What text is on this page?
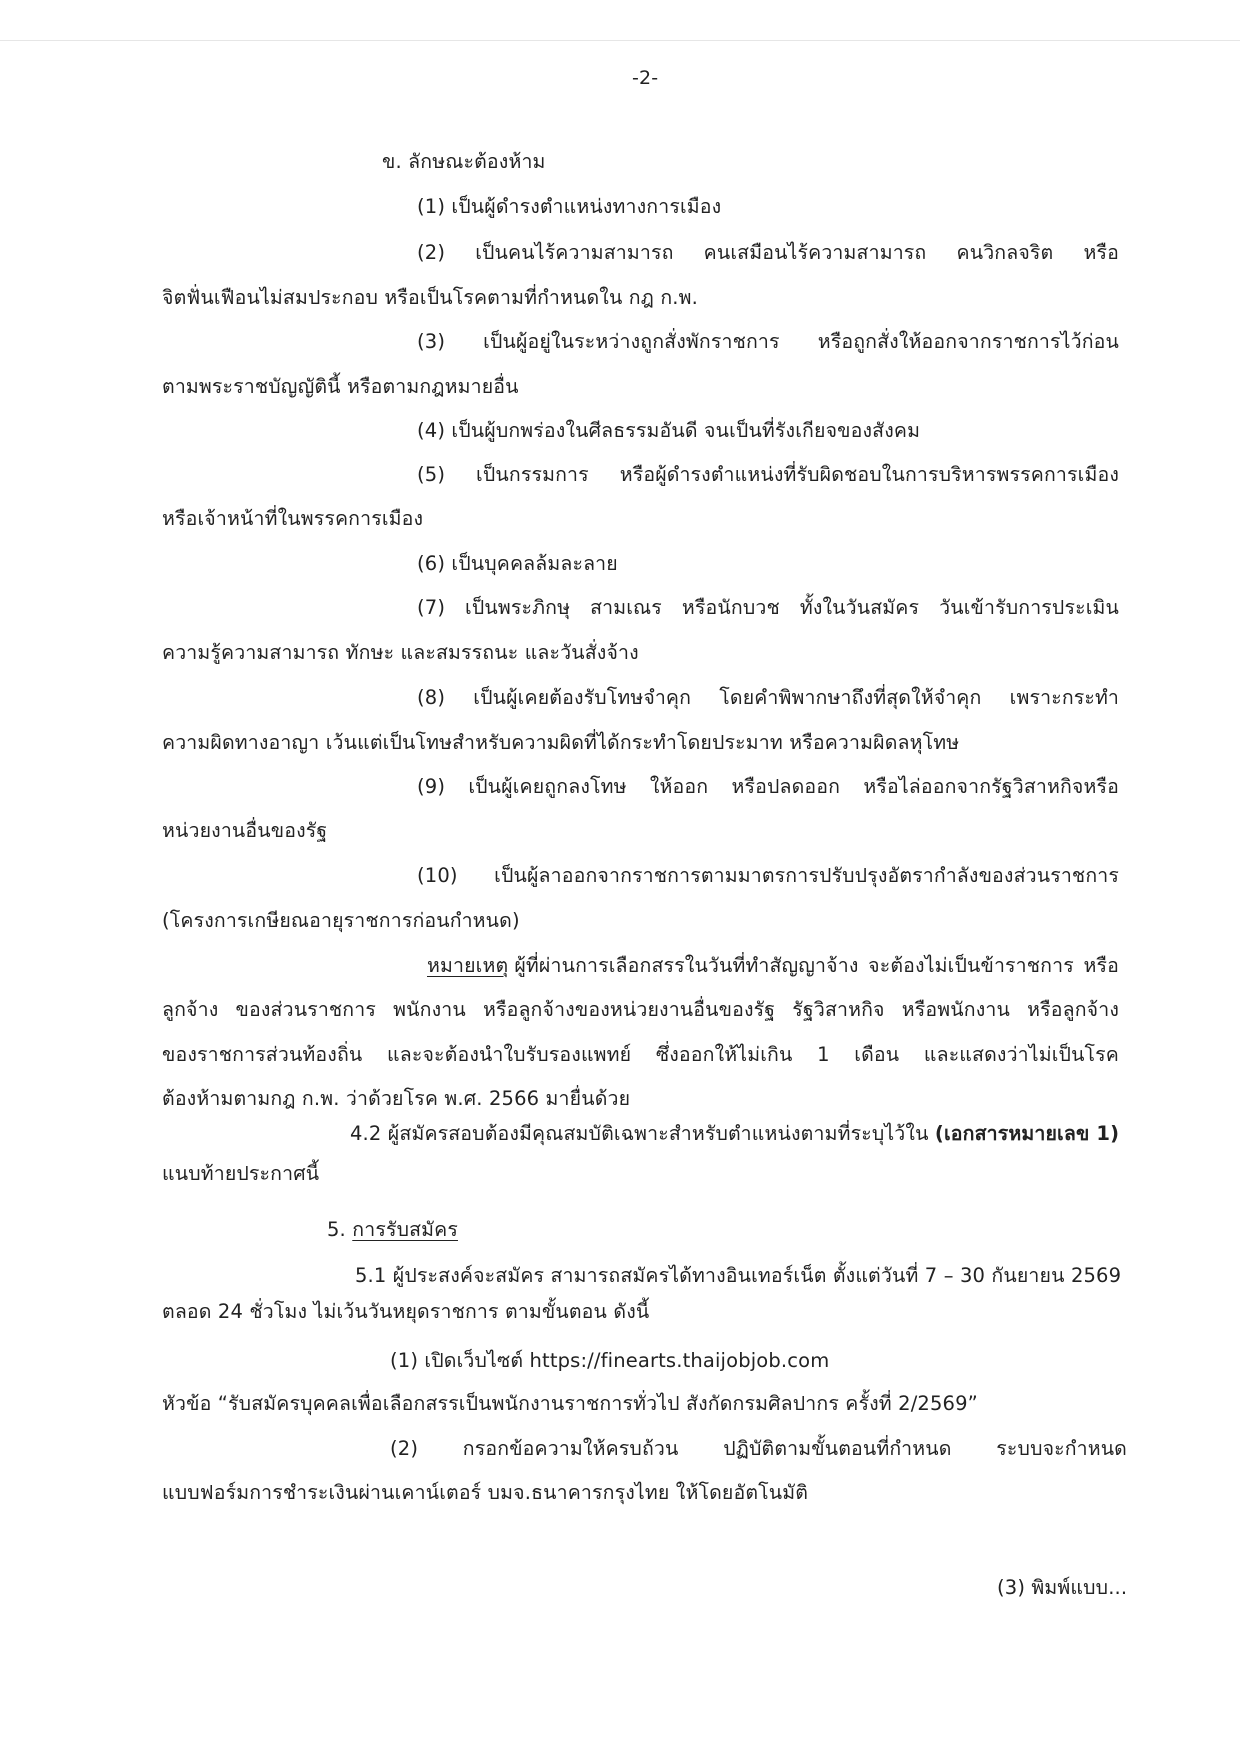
-2-
ข. ลักษณะต้องห้าม
(1) เป็นผู้ดำรงตำแหน่งทางการเมือง
(2) เป็นคนไร้ความสามารถ คนเสมือนไร้ความสามารถ คนวิกลจริต หรือ
จิตฟั่นเฟือนไม่สมประกอบ หรือเป็นโรคตามที่กำหนดใน กฎ ก.พ.
(3) เป็นผู้อยู่ในระหว่างถูกสั่งพักราชการ หรือถูกสั่งให้ออกจากราชการไว้ก่อน
ตามพระราชบัญญัตินี้ หรือตามกฎหมายอื่น
(4) เป็นผู้บกพร่องในศีลธรรมอันดี จนเป็นที่รังเกียจของสังคม
(5) เป็นกรรมการ หรือผู้ดำรงตำแหน่งที่รับผิดชอบในการบริหารพรรคการเมือง
หรือเจ้าหน้าที่ในพรรคการเมือง
(6) เป็นบุคคลล้มละลาย
(7) เป็นพระภิกษุ สามเณร หรือนักบวช ทั้งในวันสมัคร วันเข้ารับการประเมิน
ความรู้ความสามารถ ทักษะ และสมรรถนะ และวันสั่งจ้าง
(8) เป็นผู้เคยต้องรับโทษจำคุก โดยคำพิพากษาถึงที่สุดให้จำคุก เพราะกระทำ
ความผิดทางอาญา เว้นแต่เป็นโทษสำหรับความผิดที่ได้กระทำโดยประมาท หรือความผิดลหุโทษ
(9) เป็นผู้เคยถูกลงโทษ ให้ออก หรือปลดออก หรือไล่ออกจากรัฐวิสาหกิจหรือ
หน่วยงานอื่นของรัฐ
(10) เป็นผู้ลาออกจากราชการตามมาตรการปรับปรุงอัตรากำลังของส่วนราชการ
(โครงการเกษียณอายุราชการก่อนกำหนด)
หมายเหตุ ผู้ที่ผ่านการเลือกสรรในวันที่ทำสัญญาจ้าง จะต้องไม่เป็นข้าราชการ หรือ
ลูกจ้าง ของส่วนราชการ พนักงาน หรือลูกจ้างของหน่วยงานอื่นของรัฐ รัฐวิสาหกิจ หรือพนักงาน หรือลูกจ้าง
ของราชการส่วนท้องถิ่น และจะต้องนำใบรับรองแพทย์ ซึ่งออกให้ไม่เกิน 1 เดือน และแสดงว่าไม่เป็นโรค
ต้องห้ามตามกฎ ก.พ. ว่าด้วยโรค พ.ศ. 2566 มายื่นด้วย
4.2 ผู้สมัครสอบต้องมีคุณสมบัติเฉพาะสำหรับตำแหน่งตามที่ระบุไว้ใน (เอกสารหมายเลข 1)
แนบท้ายประกาศนี้
5. การรับสมัคร
5.1 ผู้ประสงค์จะสมัคร สามารถสมัครได้ทางอินเทอร์เน็ต ตั้งแต่วันที่ 7 – 30 กันยายน 2569
ตลอด 24 ชั่วโมง ไม่เว้นวันหยุดราชการ ตามขั้นตอน ดังนี้
(1) เปิดเว็บไซต์ https://finearts.thaijobjob.com
หัวข้อ “รับสมัครบุคคลเพื่อเลือกสรรเป็นพนักงานราชการทั่วไป สังกัดกรมศิลปากร ครั้งที่ 2/2569”
(2) กรอกข้อความให้ครบถ้วน ปฏิบัติตามขั้นตอนที่กำหนด ระบบจะกำหนด
แบบฟอร์มการชำระเงินผ่านเคาน์เตอร์ บมจ.ธนาคารกรุงไทย ให้โดยอัตโนมัติ
(3) พิมพ์แบบ...
